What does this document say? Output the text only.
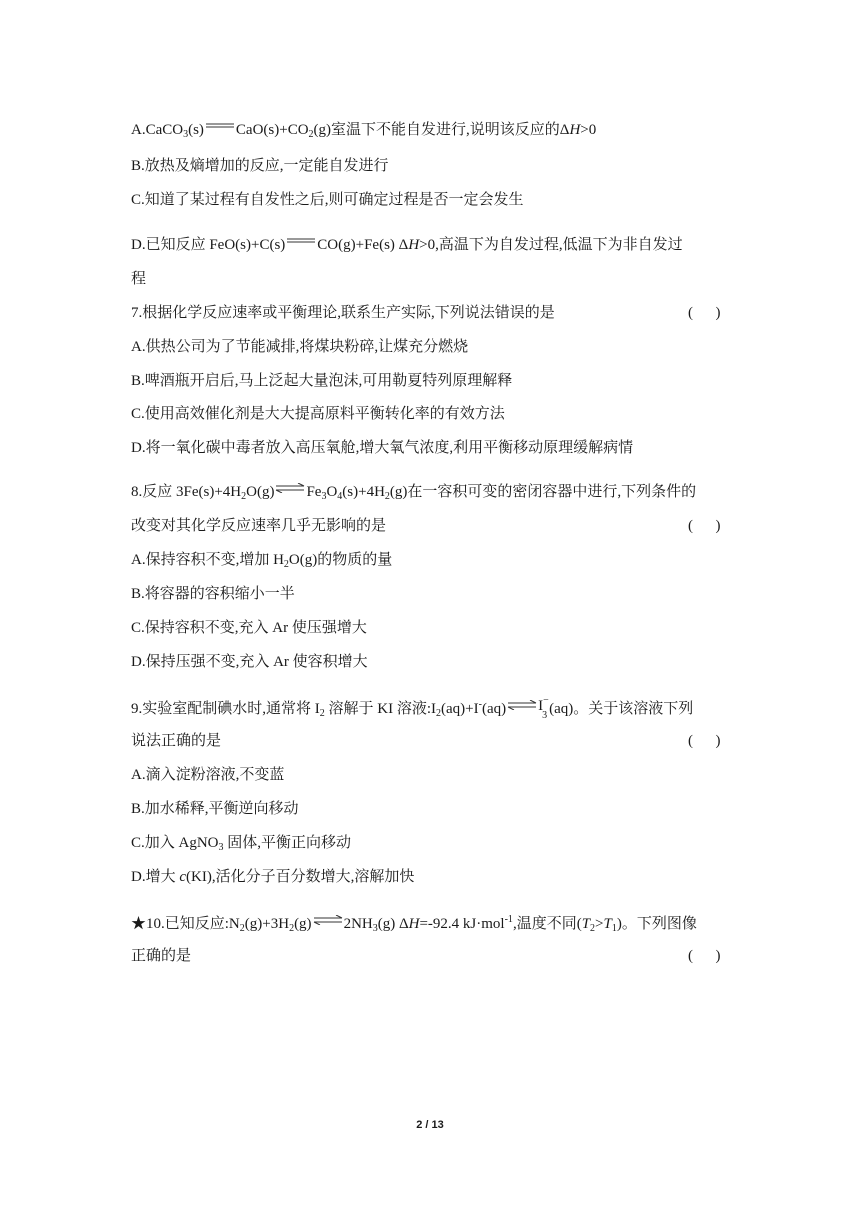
A.CaCO$_3$(s) $CaO(s)+CO_2(g)$室温下不能自发进行,说明该反应的ΔH>0
B.放热及熵增加的反应,一定能自发进行
C.知道了某过程有自发性之后,则可确定过程是否一定会发生
D.已知反应 FeO(s)+C(s) CO(g)+Fe(s) ΔH>0,高温下为自发过程,低温下为非自发过
程
7.根据化学反应速率或平衡理论,联系生产实际,下列说法错误的是	(      )
A.供热公司为了节能减排,将煤块粉碎,让煤充分燃烧
B.啤酒瓶开启后,马上泛起大量泡沫,可用勒夏特列原理解释
C.使用高效催化剂是大大提高原料平衡转化率的有效方法
D.将一氧化碳中毒者放入高压氧舱,增大氧气浓度,利用平衡移动原理缓解病情
8.反应 $3Fe(s)+4H_2O(g)\rightleftharpoons Fe_3O_4(s)+4H_2(g)$在一容积可变的密闭容器中进行,下列条件的
改变对其化学反应速率几乎无影响的是	(      )
A.保持容积不变,增加 $H_2O(g)$的物质的量
B.将容器的容积缩小一半
C.保持容积不变,充入 Ar 使压强增大
D.保持压强不变,充入 Ar 使容积增大
9.实验室配制碘水时,通常将 $I_2$ 溶解于 KI 溶液$:I_2(aq)+I^-(aq)\rightleftharpoons$ I −
3 (aq)。关于该溶液下列
说法正确的是	(      )
A.滴入淀粉溶液,不变蓝
B.加水稀释,平衡逆向移动
C.加入 AgNO$_3$ 固体,平衡正向移动
D.增大 c(KI),活化分子百分数增大,溶解加快
★10.已知反应$:N_2(g)+3H_2(g)\rightleftharpoons 2NH_3(g)$ ΔH=-92.4 kJ·mol$^{-1}$,温度不同$(T_2>T_1)$。下列图像
正确的是	(      )
2 / 13
